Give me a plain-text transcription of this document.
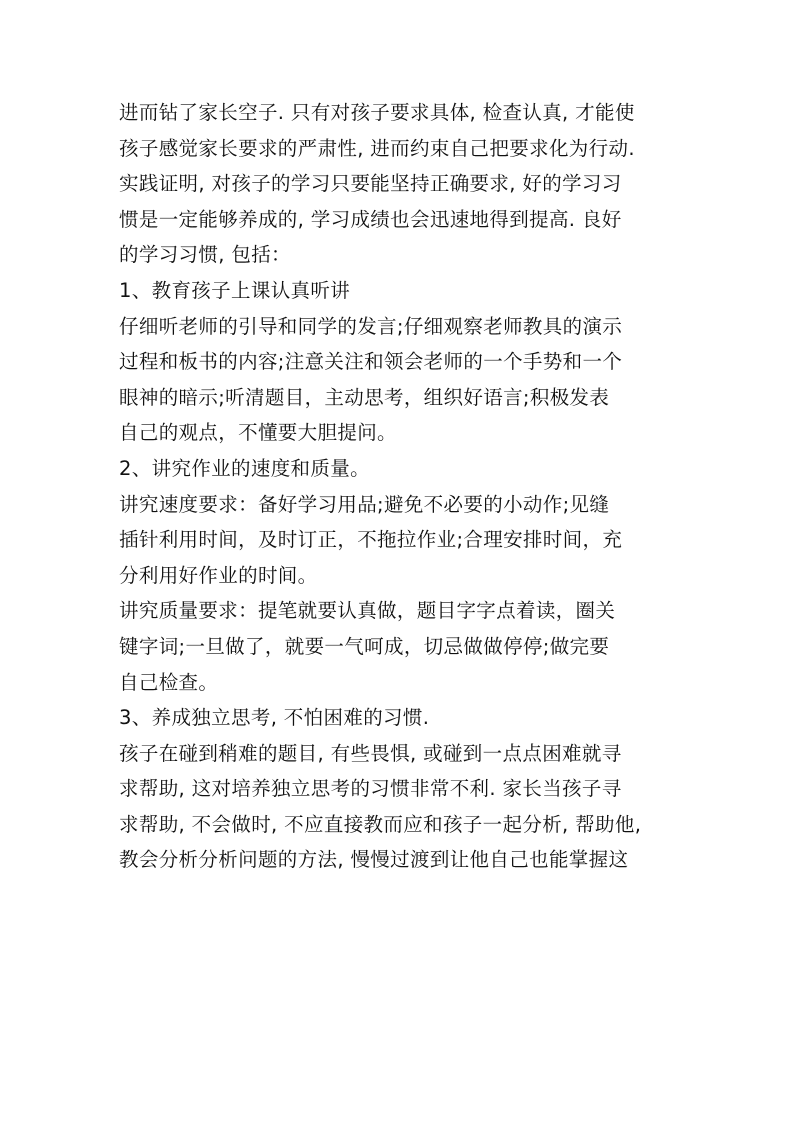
进而钻了家长空子. 只有对孩子要求具体, 检查认真, 才能使
孩子感觉家长要求的严肃性, 进而约束自己把要求化为行动.
实践证明, 对孩子的学习只要能坚持正确要求, 好的学习习
惯是一定能够养成的, 学习成绩也会迅速地得到提高. 良好
的学习习惯, 包括：
1、教育孩子上课认真听讲
仔细听老师的引导和同学的发言;仔细观察老师教具的演示
过程和板书的内容;注意关注和领会老师的一个手势和一个
眼神的暗示;听清题目，主动思考，组织好语言;积极发表
自己的观点，不懂要大胆提问。
2、讲究作业的速度和质量。
讲究速度要求：备好学习用品;避免不必要的小动作;见缝
插针利用时间，及时订正，不拖拉作业;合理安排时间，充
分利用好作业的时间。
讲究质量要求：提笔就要认真做，题目字字点着读，圈关
键字词;一旦做了，就要一气呵成，切忌做做停停;做完要
自己检查。
3、养成独立思考, 不怕困难的习惯.
孩子在碰到稍难的题目, 有些畏惧, 或碰到一点点困难就寻
求帮助, 这对培养独立思考的习惯非常不利. 家长当孩子寻
求帮助, 不会做时, 不应直接教而应和孩子一起分析, 帮助他,
教会分析分析问题的方法, 慢慢过渡到让他自己也能掌握这
